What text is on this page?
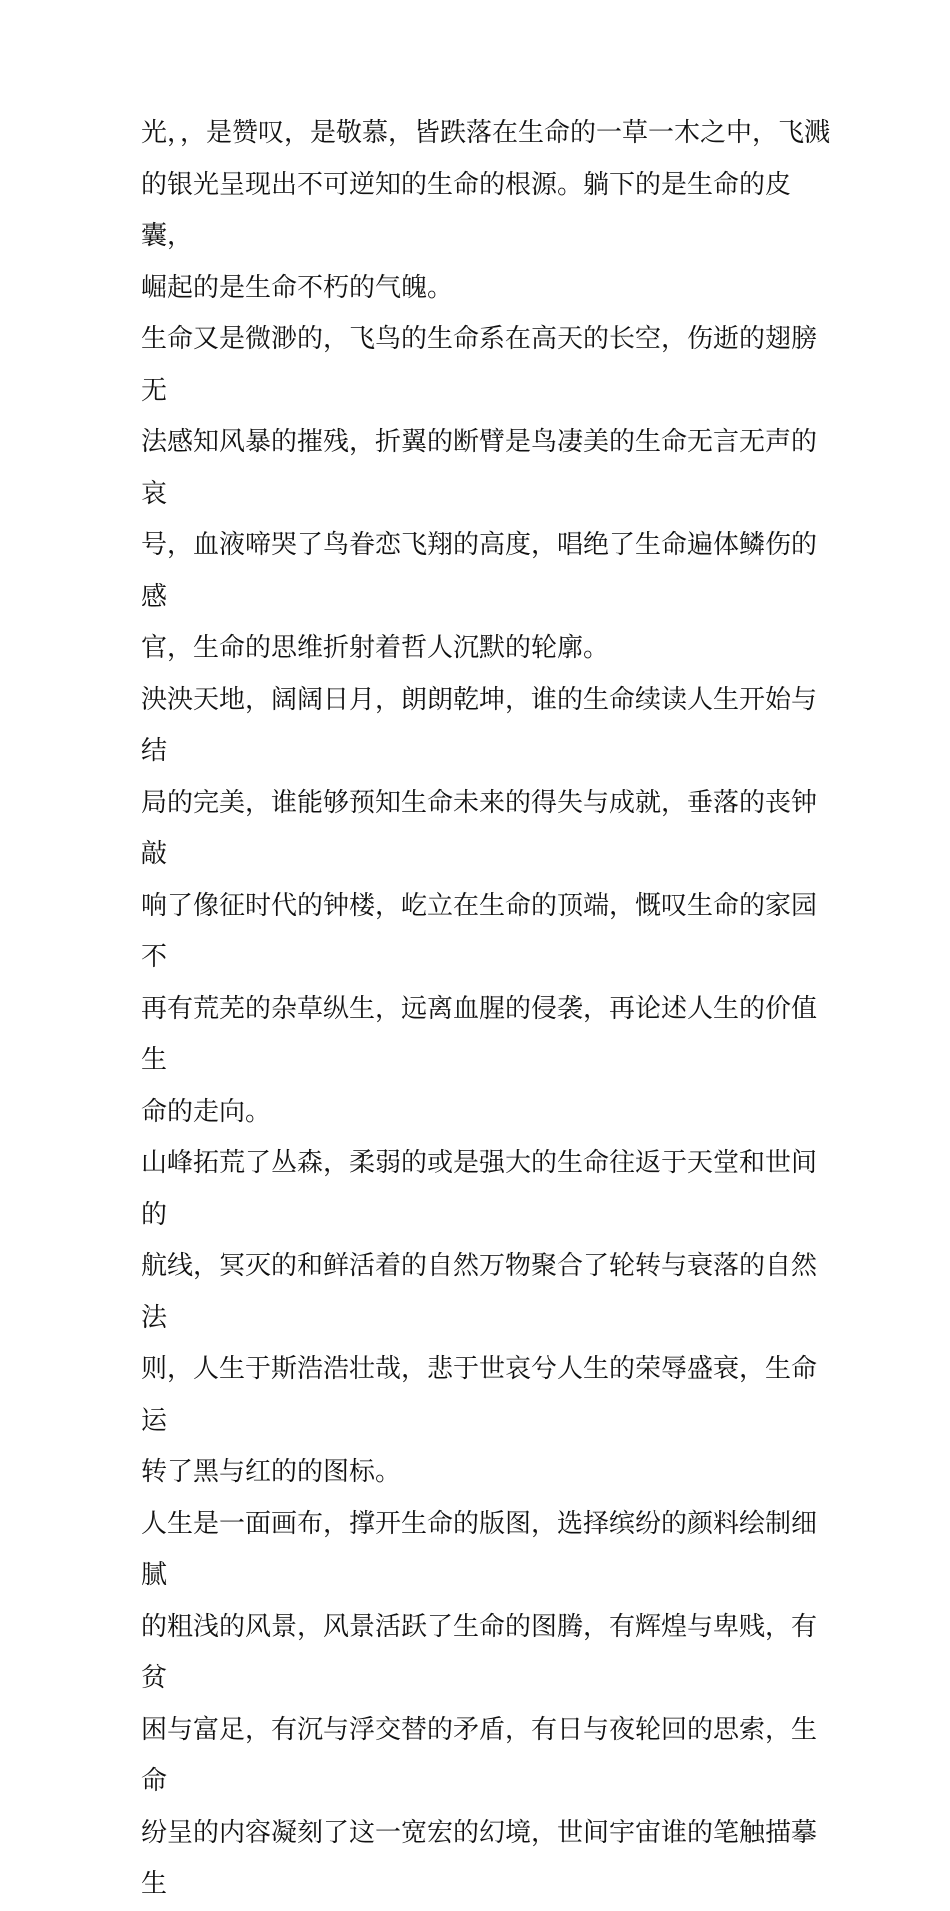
光，，是赞叹，是敬慕，皆跌落在生命的一草一木之中，飞溅
的银光呈现出不可逆知的生命的根源。躺下的是生命的皮囊，
崛起的是生命不朽的气魄。

生命又是微渺的，飞鸟的生命系在高天的长空，伤逝的翅膀无
法感知风暴的摧残，折翼的断臂是鸟凄美的生命无言无声的哀
号，血液啼哭了鸟眷恋飞翔的高度，唱绝了生命遍体鳞伤的感
官，生命的思维折射着哲人沉默的轮廓。

泱泱天地，阔阔日月，朗朗乾坤，谁的生命续读人生开始与结
局的完美，谁能够预知生命未来的得失与成就，垂落的丧钟敲
响了像征时代的钟楼，屹立在生命的顶端，慨叹生命的家园不
再有荒芜的杂草纵生，远离血腥的侵袭，再论述人生的价值生
命的走向。

山峰拓荒了丛森，柔弱的或是强大的生命往返于天堂和世间的
航线，冥灭的和鲜活着的自然万物聚合了轮转与衰落的自然法
则，人生于斯浩浩壮哉，悲于世哀兮人生的荣辱盛衰，生命运
转了黑与红的的图标。

人生是一面画布，撑开生命的版图，选择缤纷的颜料绘制细腻
的粗浅的风景，风景活跃了生命的图腾，有辉煌与卑贱，有贫
困与富足，有沉与浮交替的矛盾，有日与夜轮回的思索，生命
纷呈的内容凝刻了这一宽宏的幻境，世间宇宙谁的笔触描摹生
